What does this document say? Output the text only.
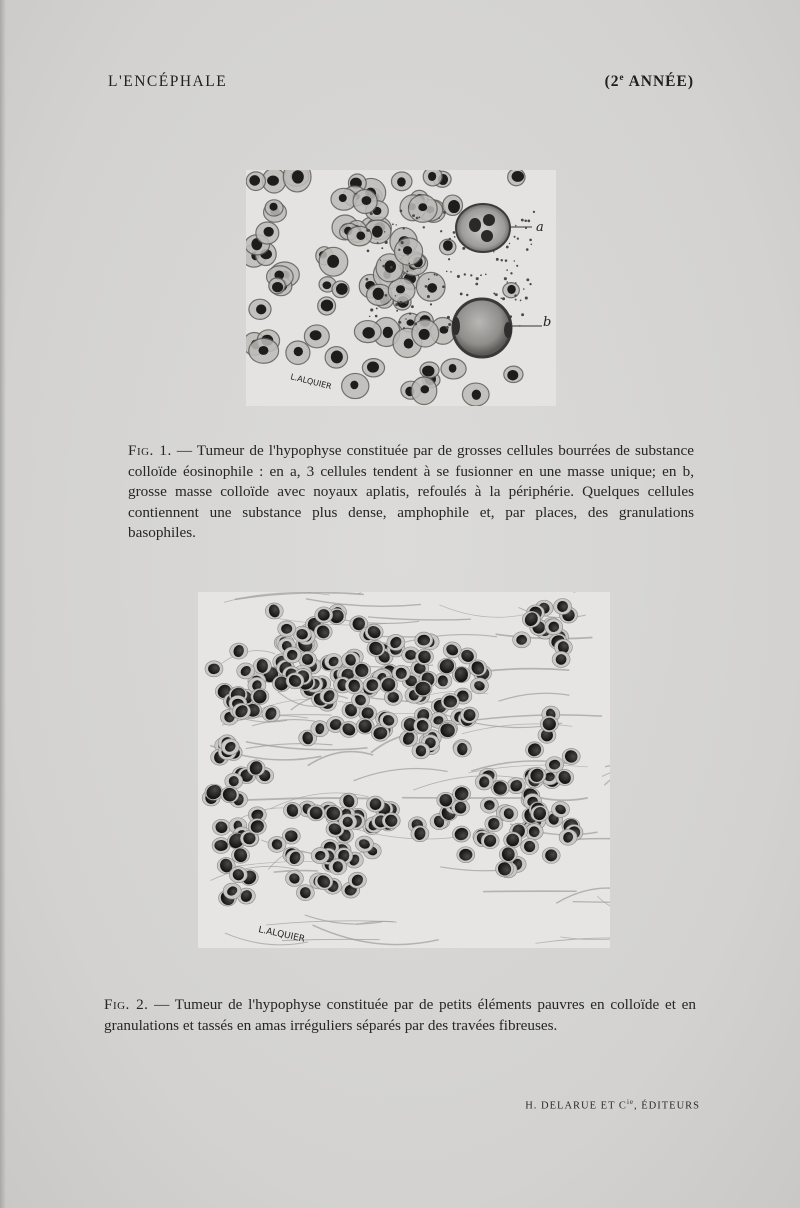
L'ENCÉPHALE	(2e ANNÉE)
a
b
L.ALQUIER

Fig. 1. — Tumeur de l'hypophyse constituée par de grosses cellules bourrées de substance colloïde éosinophile : en a, 3 cellules tendent à se fusionner en une masse unique; en b, grosse masse colloïde avec noyaux aplatis, refoulés à la périphérie. Quelques cellules contiennent une substance plus dense, amphophile et, par places, des granulations basophiles.

L.ALQUIER

Fig. 2. — Tumeur de l'hypophyse constituée par de petits éléments pauvres en colloïde et en granulations et tassés en amas irréguliers séparés par des travées fibreuses.

H. DELARUE ET $C^{ie}$, ÉDITEURS
